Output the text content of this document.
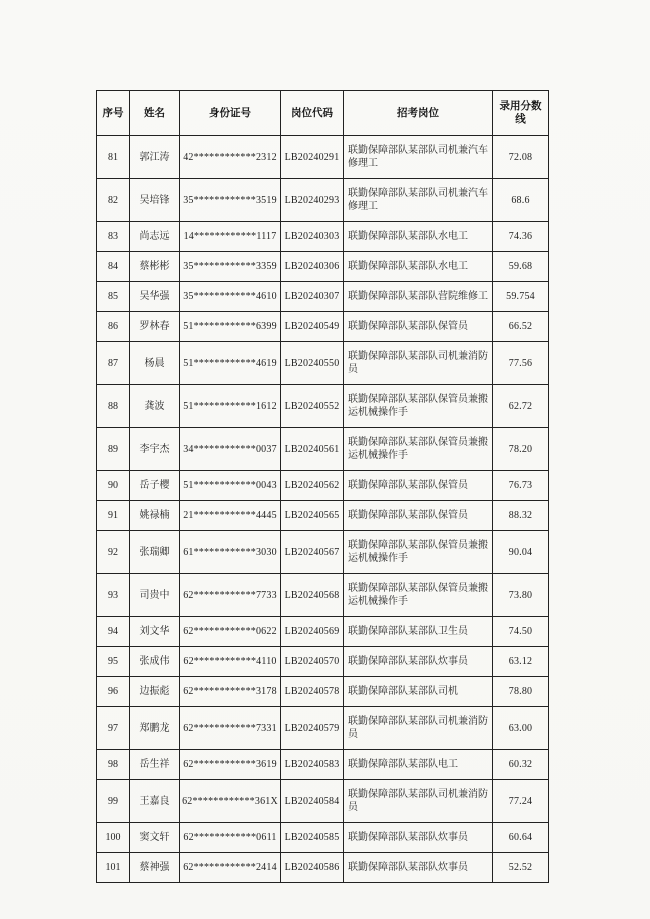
序号	姓名	身份证号	岗位代码	招考岗位	录用分数线
81	郭江涛	42************2312	LB20240291	联勤保障部队某部队司机兼汽车修理工	72.08
82	吴培锋	35************3519	LB20240293	联勤保障部队某部队司机兼汽车修理工	68.6
83	尚志远	14************1117	LB20240303	联勤保障部队某部队水电工	74.36
84	蔡彬彬	35************3359	LB20240306	联勤保障部队某部队水电工	59.68
85	吴华强	35************4610	LB20240307	联勤保障部队某部队营院维修工	59.754
86	罗林春	51************6399	LB20240549	联勤保障部队某部队保管员	66.52
87	杨晨	51************4619	LB20240550	联勤保障部队某部队司机兼消防员	77.56
88	龚波	51************1612	LB20240552	联勤保障部队某部队保管员兼搬运机械操作手	62.72
89	李宇杰	34************0037	LB20240561	联勤保障部队某部队保管员兼搬运机械操作手	78.20
90	岳子樱	51************0043	LB20240562	联勤保障部队某部队保管员	76.73
91	姚禄楠	21************4445	LB20240565	联勤保障部队某部队保管员	88.32
92	张瑞卿	61************3030	LB20240567	联勤保障部队某部队保管员兼搬运机械操作手	90.04
93	司贵中	62************7733	LB20240568	联勤保障部队某部队保管员兼搬运机械操作手	73.80
94	刘文华	62************0622	LB20240569	联勤保障部队某部队卫生员	74.50
95	张成伟	62************4110	LB20240570	联勤保障部队某部队炊事员	63.12
96	边振彪	62************3178	LB20240578	联勤保障部队某部队司机	78.80
97	郑鹏龙	62************7331	LB20240579	联勤保障部队某部队司机兼消防员	63.00
98	岳生祥	62************3619	LB20240583	联勤保障部队某部队电工	60.32
99	王嘉良	62************361X	LB20240584	联勤保障部队某部队司机兼消防员	77.24
100	窦文轩	62************0611	LB20240585	联勤保障部队某部队炊事员	60.64
101	蔡神强	62************2414	LB20240586	联勤保障部队某部队炊事员	52.52
